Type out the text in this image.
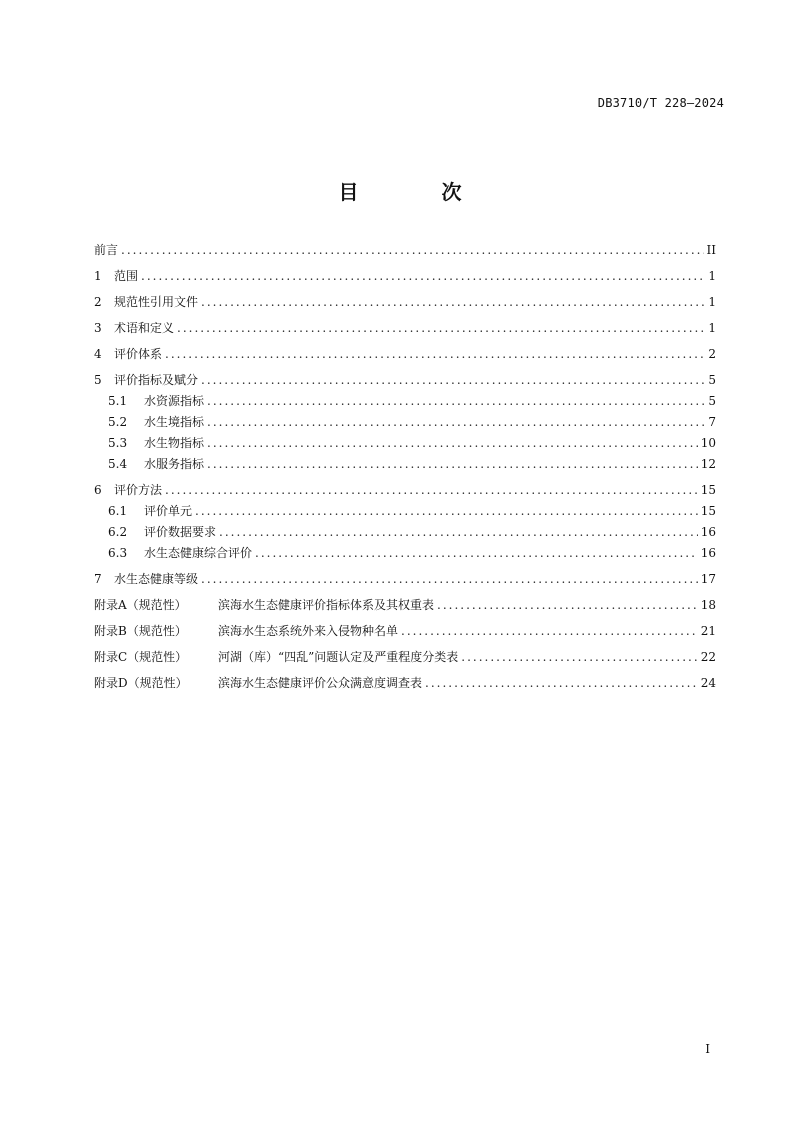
DB3710/T 228—2024
目 次
前言 .....	II
1	范围 .....	1
2	规范性引用文件 .....	1
3	术语和定义 .....	1
4	评价体系 .....	2
5	评价指标及赋分 .....	5
5.1	水资源指标 .....	5
5.2	水生境指标 .....	7
5.3	水生物指标 .....	10
5.4	水服务指标 .....	12
6	评价方法 .....	15
6.1	评价单元 .....	15
6.2	评价数据要求 .....	16
6.3	水生态健康综合评价 .....	16
7	水生态健康等级 .....	17
附录A（规范性）	滨海水生态健康评价指标体系及其权重表 .....	18
附录B（规范性）	滨海水生态系统外来入侵物种名单 .....	21
附录C（规范性）	河湖（库）“四乱”问题认定及严重程度分类表 .....	22
附录D（规范性）	滨海水生态健康评价公众满意度调查表 .....	24
I
